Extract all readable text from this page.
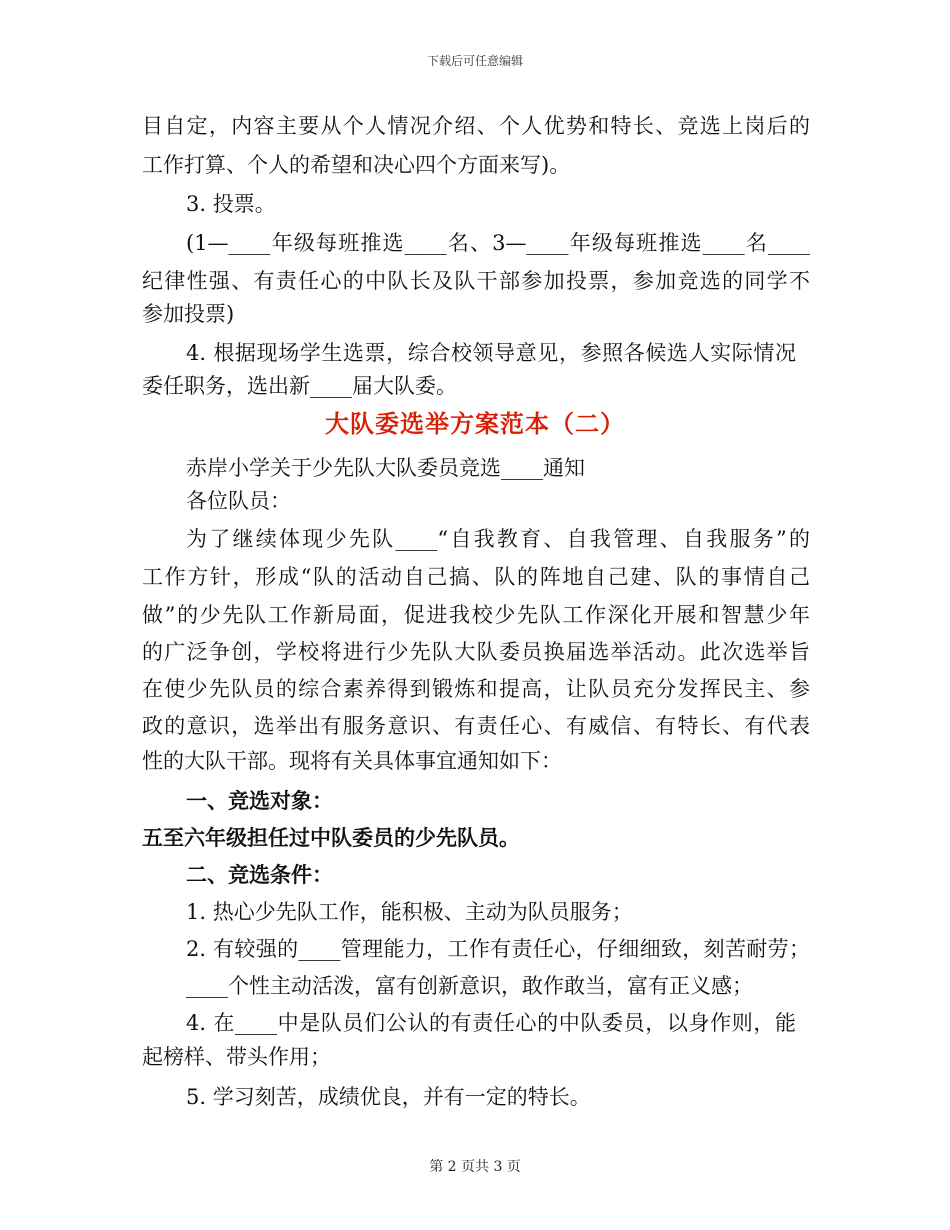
下载后可任意编辑
目自定，内容主要从个人情况介绍、个人优势和特长、竞选上岗后的
工作打算、个人的希望和决心四个方面来写)。
3. 投票。
(1—____年级每班推选____名、3—____年级每班推选____名____
纪律性强、有责任心的中队长及队干部参加投票，参加竞选的同学不
参加投票)
4. 根据现场学生选票，综合校领导意见，参照各候选人实际情况
委任职务，选出新____届大队委。
大队委选举方案范本（二）
赤岸小学关于少先队大队委员竞选____通知
各位队员：
为了继续体现少先队____“自我教育、自我管理、自我服务”的
工作方针，形成“队的活动自己搞、队的阵地自己建、队的事情自己
做”的少先队工作新局面，促进我校少先队工作深化开展和智慧少年
的广泛争创，学校将进行少先队大队委员换届选举活动。此次选举旨
在使少先队员的综合素养得到锻炼和提高，让队员充分发挥民主、参
政的意识，选举出有服务意识、有责任心、有威信、有特长、有代表
性的大队干部。现将有关具体事宜通知如下：
一、竞选对象：
五至六年级担任过中队委员的少先队员。
二、竞选条件：
1. 热心少先队工作，能积极、主动为队员服务；
2. 有较强的____管理能力，工作有责任心，仔细细致，刻苦耐劳；
____个性主动活泼，富有创新意识，敢作敢当，富有正义感；
4. 在____中是队员们公认的有责任心的中队委员，以身作则，能
起榜样、带头作用；
5. 学习刻苦，成绩优良，并有一定的特长。
第 2 页共 3 页
